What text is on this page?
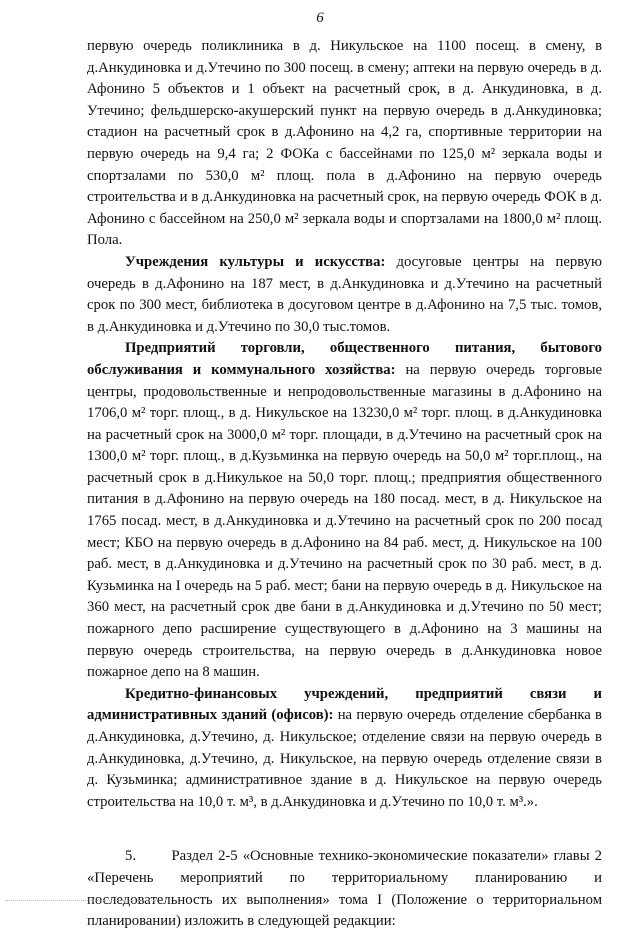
6

первую очередь поликлиника в д. Никульское на 1100 посещ. в смену, в д.Анкудиновка и д.Утечино по 300 посещ. в смену; аптеки на первую очередь в д. Афонино 5 объектов и 1 объект на расчетный срок, в д. Анкудиновка, в д. Утечино; фельдшерско-акушерский пункт на первую очередь в д.Анкудиновка; стадион на расчетный срок в д.Афонино на 4,2 га, спортивные территории на первую очередь на 9,4 га; 2 ФОКа с бассейнами по 125,0 м² зеркала воды и спортзалами по 530,0 м² площ. пола в д.Афонино на первую очередь строительства и в д.Анкудиновка на расчетный срок, на первую очередь ФОК в д. Афонино с бассейном на 250,0 м² зеркала воды и спортзалами на 1800,0 м² площ. Пола.

Учреждения культуры и искусства: досуговые центры на первую очередь в д.Афонино на 187 мест, в д.Анкудиновка и д.Утечино на расчетный срок по 300 мест, библиотека в досуговом центре в д.Афонино на 7,5 тыс. томов, в д.Анкудиновка и д.Утечино по 30,0 тыс.томов.

Предприятий торговли, общественного питания, бытового обслуживания и коммунального хозяйства: на первую очередь торговые центры, продовольственные и непродовольственные магазины в д.Афонино на 1706,0 м² торг. площ., в д. Никульское на 13230,0 м² торг. площ. в д.Анкудиновка на расчетный срок на 3000,0 м² торг. площади, в д.Утечино на расчетный срок на 1300,0 м² торг. площ., в д.Кузьминка на первую очередь на 50,0 м² торг.площ., на расчетный срок в д.Никулькое на 50,0 торг. площ.; предприятия общественного питания в д.Афонино на первую очередь на 180 посад. мест, в д. Никульское на 1765 посад. мест, в д.Анкудиновка и д.Утечино на расчетный срок по 200 посад мест; КБО на первую очередь в д.Афонино на 84 раб. мест, д. Никульское на 100 раб. мест, в д.Анкудиновка и д.Утечино на расчетный срок по 30 раб. мест, в д. Кузьминка на I очередь на 5 раб. мест; бани на первую очередь в д. Никульское на 360 мест, на расчетный срок две бани в д.Анкудиновка и д.Утечино по 50 мест; пожарного депо расширение существующего в д.Афонино на 3 машины на первую очередь строительства, на первую очередь в д.Анкудиновка новое пожарное депо на 8 машин.

Кредитно-финансовых учреждений, предприятий связи и административных зданий (офисов): на первую очередь отделение сбербанка в д.Анкудиновка, д.Утечино, д. Никульское; отделение связи на первую очередь в д.Анкудиновка, д.Утечино, д. Никульское, на первую очередь отделение связи в д. Кузьминка; административное здание в д. Никульское на первую очередь строительства на 10,0 т. м³, в д.Анкудиновка и д.Утечино по 10,0 т. м³.».

5.       Раздел 2-5 «Основные технико-экономические показатели» главы 2 «Перечень мероприятий по территориальному планированию и последовательность их выполнения» тома I (Положение о территориальном планировании) изложить в следующей редакции:
